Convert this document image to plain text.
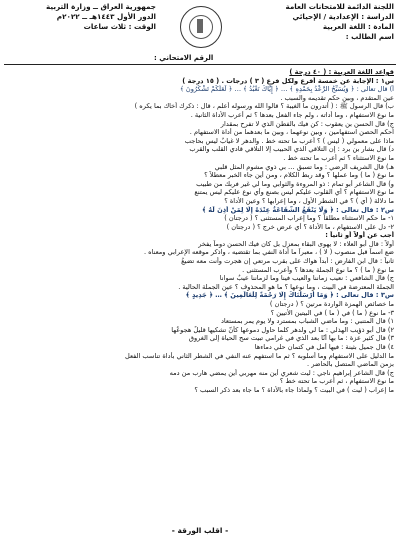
اللجنة الدائمة للامتحانات العامة
الدراسة : الإعدادية / الإحيائي
المادة : اللغة العربية
اسم الطالب :
جمهورية العراق ــ وزارة التربية
الدور الأول ١٤٤٣هـ ــ ٢٠٢٢م
الوقت : ثلاث ساعات
الرقم الامتحاني :
قواعد اللغة العربية : ( ٤٠ درجة )
س١ : الإجابة عن خمسة أفرع ولكل فرع ( ٣ ) درجات . ( ١٥ درجة )
أ) قال تعالى : ﴿ وَيُسَبِّحُ الرَّعْدُ بِحَمْدِهِ ﴾ … ﴿ إِيَّاكَ نَعْبُدُ ﴾ … ﴿ لَعَلَّكُمْ تَشْكُرُونَ ﴾
عين المتقدم ، وبين حكم تقديمه والسبب .
ب) قال الرسول ﷺ : ( أتدرون ما الغيبة ؟ قالوا الله ورسوله أعلم ، قال : ذكرك أخاك بما يكره )
ما نوع الاستفهام ، وما أداته ، ولم جاء الفعل بعدها ؟ ثم أعرب الأداة الثانية .
ج) قال الحسن بن يعقوب : كن فيك بالفطن الذي لا تفرح بمقدار
اُحكم الحصن استفهامين ، وبين نوعهما ، وبين ما بعدهما من أداة الاستفهام .
ماذا على معمولي ( ليس ) ؟ أعرب ما تحته خط . والدهر لا غيابٌ ليس بحاجب
د) قال بشار بن برد : إن التلاقي الذي الحبيب إلا التلاقي قادي القلب والقرب
ما نوع الاستثناء ؟ ثم أعرب ما تحته خط .
هـ) قال الشريف الرضي : وما تسبق … بي ذوي مشوم المثل قلبي
ما نوع ( ما ) وما عملها ؟ وقد ربط الكلام ، ومن أين جاء الخبر معطلاً ؟
و) قال الشاعر أبو تمام : ذو المروءة والثوابي وما لي غير فربك من طبيب
ما نوع الاستفهام ؟ أي القلوب عليكم ليس بصنع وأي نوع عليكم ليس يمتنع
ما دلالة ( أي ) ؟ في الشطر الأول ، وما إعرابها ؟ وعين الأداة ؟
س٢ : قال تعالى : ﴿ وَلَا يَنْفَعُ الشَّفَاعَةُ عِنْدَهُ إِلَّا لِمَنْ أَذِنَ لَهُ ﴾
١- ما حكم الاستثناء مطلقاً ؟ وما إعراب المستثنى ؟ ( درجتان )
٢- دل على الاستفهام ، ما الأداة ؟ أي عرض خرج ؟ ( درجتان )
أجب عن أولاً أو ثانياً :
أولاً : قال أبو العلاء : لا يهوى البقاء بمعزل بل كان فيك الحسن دوماً يفخر
ضع اسماً قبل منصوب ( لا ) ، معبراً ما أداة النفي بما تقتضيه ، واذكر موقعه الإعرابي ومعناه .
ثانياً : قال ابن الفارض : أبداً هواك على بقرب مرتعي إن هجرت وأنت معه تضيعُ
ما نوع ( ما ) ؟ ما نوع الجملة بعدها ؟ وأعرب المستثنى .
ج) قال الشافعي : نعيب زماننا والعيب فينا وما لزماننا عيبٌ سوانا
الجملة المعترضة في البيت ، وما نوعها ؟ ما هو المحذوف ؟ عين الجملة الحالية .
س٣ : قال تعالى : ﴿ وَمَا أَرْسَلْنَاكَ إِلَّا رَحْمَةً لِلْعَالَمِينَ ﴾ … ﴿ جَدِيدٍ ﴾
ما خصائص الهمزة الواردة مرتين ؟ ( درجتان )
٣- ما نوع ( ما ) في ( ما ) في البيتين الأتيين ؟
١) قال المتنبي : وما ماضي الشباب بمسترد ولا يوم يمر بمستعاد
٢) قال أبو ذؤيب الهذلي : ما لي ولدهر كلما حاول دموعها كأنّ تشكيها قليلٌ هجوعُها
٣) قال كثير عزة : ما بها أنّا بعد الذي في غرامي تبيت سح الحياة إلى الغروق
٤) قال جميل بثينة : فيها أمل في كتمان حلي دماءها
ما الدليل على الاستفهام وما أسلوبه ؟ ثم ما استفهم عنه النفي في الشطر الثاني بأداة تناسب الفعل
بزمن الماضي المتصل بالحاضر .
ج) قال الشاعر إبراهيم ناجي : ليت شعري أين منه مهربي أين يمضي هارب من دمه
ما نوع الاستفهام ، ثم أعرب ما تحته خط ؟
ما إعراب ( ليت ) في البيت ؟ ولماذا جاء بالأداة ؟ ما جاء بعد ذكر السبب ؟
- اقلب الورقة -
